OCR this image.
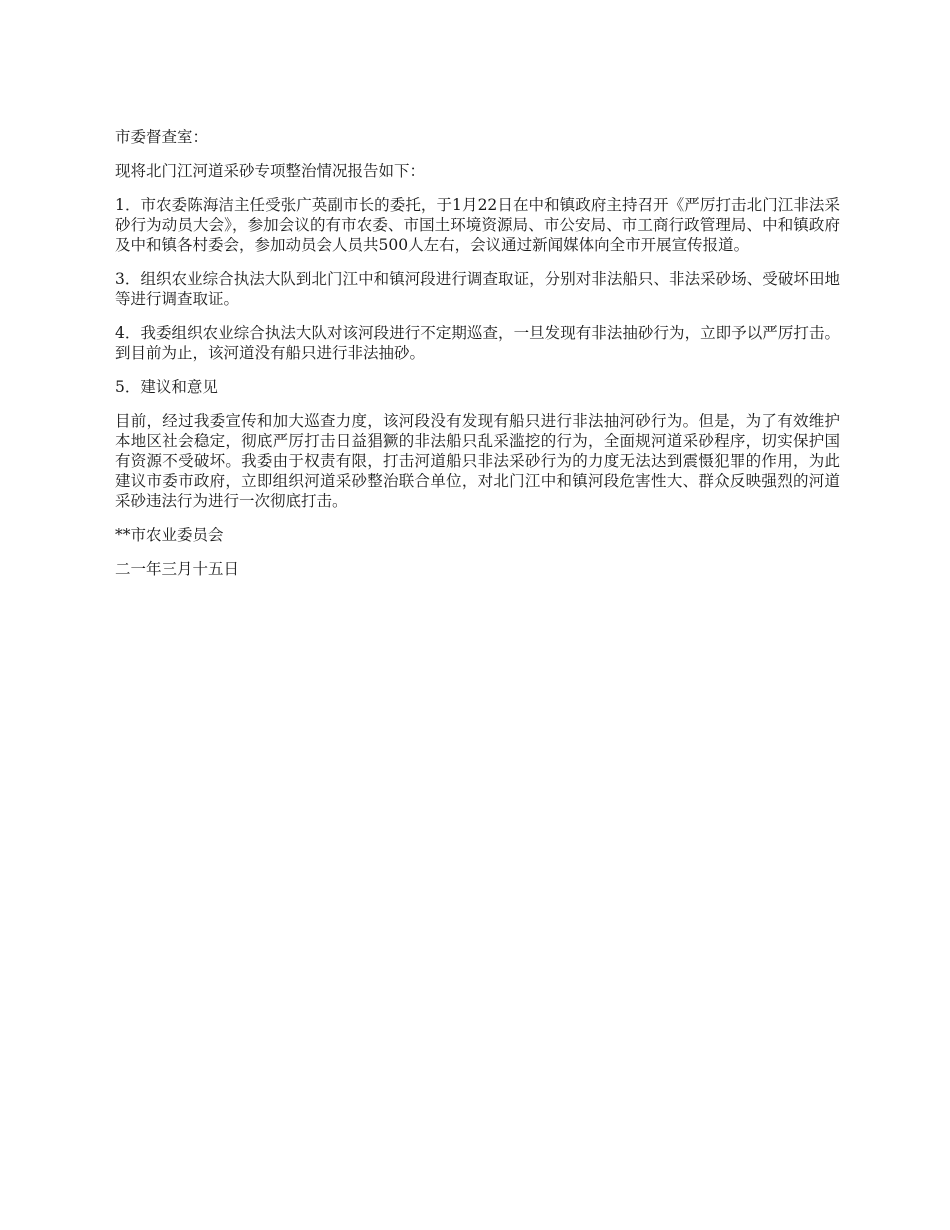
市委督查室：

现将北门江河道采砂专项整治情况报告如下：

1．市农委陈海洁主任受张广英副市长的委托，于1月22日在中和镇政府主持召开《严厉打击北门江非法采砂行为动员大会》，参加会议的有市农委、市国土环境资源局、市公安局、市工商行政管理局、中和镇政府及中和镇各村委会，参加动员会人员共500人左右，会议通过新闻媒体向全市开展宣传报道。

3．组织农业综合执法大队到北门江中和镇河段进行调查取证，分别对非法船只、非法采砂场、受破坏田地等进行调查取证。

4．我委组织农业综合执法大队对该河段进行不定期巡查，一旦发现有非法抽砂行为，立即予以严厉打击。到目前为止，该河道没有船只进行非法抽砂。

5．建议和意见

目前，经过我委宣传和加大巡查力度，该河段没有发现有船只进行非法抽河砂行为。但是，为了有效维护本地区社会稳定，彻底严厉打击日益猖獗的非法船只乱采滥挖的行为，全面规河道采砂程序，切实保护国有资源不受破坏。我委由于权责有限，打击河道船只非法采砂行为的力度无法达到震慑犯罪的作用，为此建议市委市政府，立即组织河道采砂整治联合单位，对北门江中和镇河段危害性大、群众反映强烈的河道采砂违法行为进行一次彻底打击。

**市农业委员会

二一年三月十五日
